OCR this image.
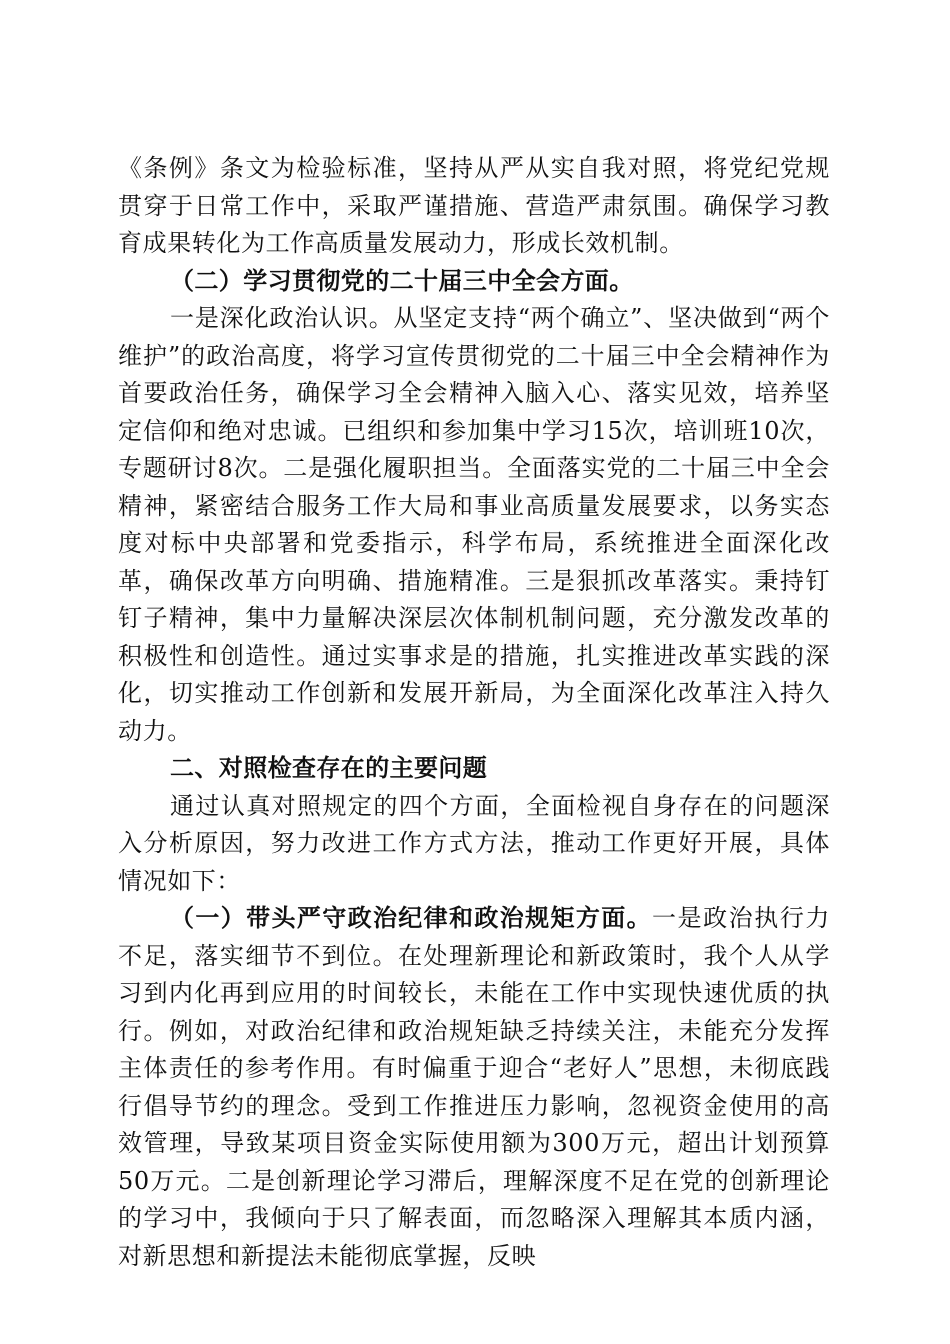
《条例》条文为检验标准，坚持从严从实自我对照，将党纪党规贯穿于日常工作中，采取严谨措施、营造严肃氛围。确保学习教育成果转化为工作高质量发展动力，形成长效机制。

（二）学习贯彻党的二十届三中全会方面。

一是深化政治认识。从坚定支持“两个确立”、坚决做到“两个维护”的政治高度，将学习宣传贯彻党的二十届三中全会精神作为首要政治任务，确保学习全会精神入脑入心、落实见效，培养坚定信仰和绝对忠诚。已组织和参加集中学习15次，培训班10次，专题研讨8次。二是强化履职担当。全面落实党的二十届三中全会精神，紧密结合服务工作大局和事业高质量发展要求，以务实态度对标中央部署和党委指示，科学布局，系统推进全面深化改革，确保改革方向明确、措施精准。三是狠抓改革落实。秉持钉钉子精神，集中力量解决深层次体制机制问题，充分激发改革的积极性和创造性。通过实事求是的措施，扎实推进改革实践的深化，切实推动工作创新和发展开新局，为全面深化改革注入持久动力。

二、对照检查存在的主要问题

通过认真对照规定的四个方面，全面检视自身存在的问题深入分析原因，努力改进工作方式方法，推动工作更好开展，具体情况如下：

（一）带头严守政治纪律和政治规矩方面。一是政治执行力不足，落实细节不到位。在处理新理论和新政策时，我个人从学习到内化再到应用的时间较长，未能在工作中实现快速优质的执行。例如，对政治纪律和政治规矩缺乏持续关注，未能充分发挥主体责任的参考作用。有时偏重于迎合“老好人”思想，未彻底践行倡导节约的理念。受到工作推进压力影响，忽视资金使用的高效管理，导致某项目资金实际使用额为300万元，超出计划预算50万元。二是创新理论学习滞后，理解深度不足在党的创新理论的学习中，我倾向于只了解表面，而忽略深入理解其本质内涵，对新思想和新提法未能彻底掌握，反映
